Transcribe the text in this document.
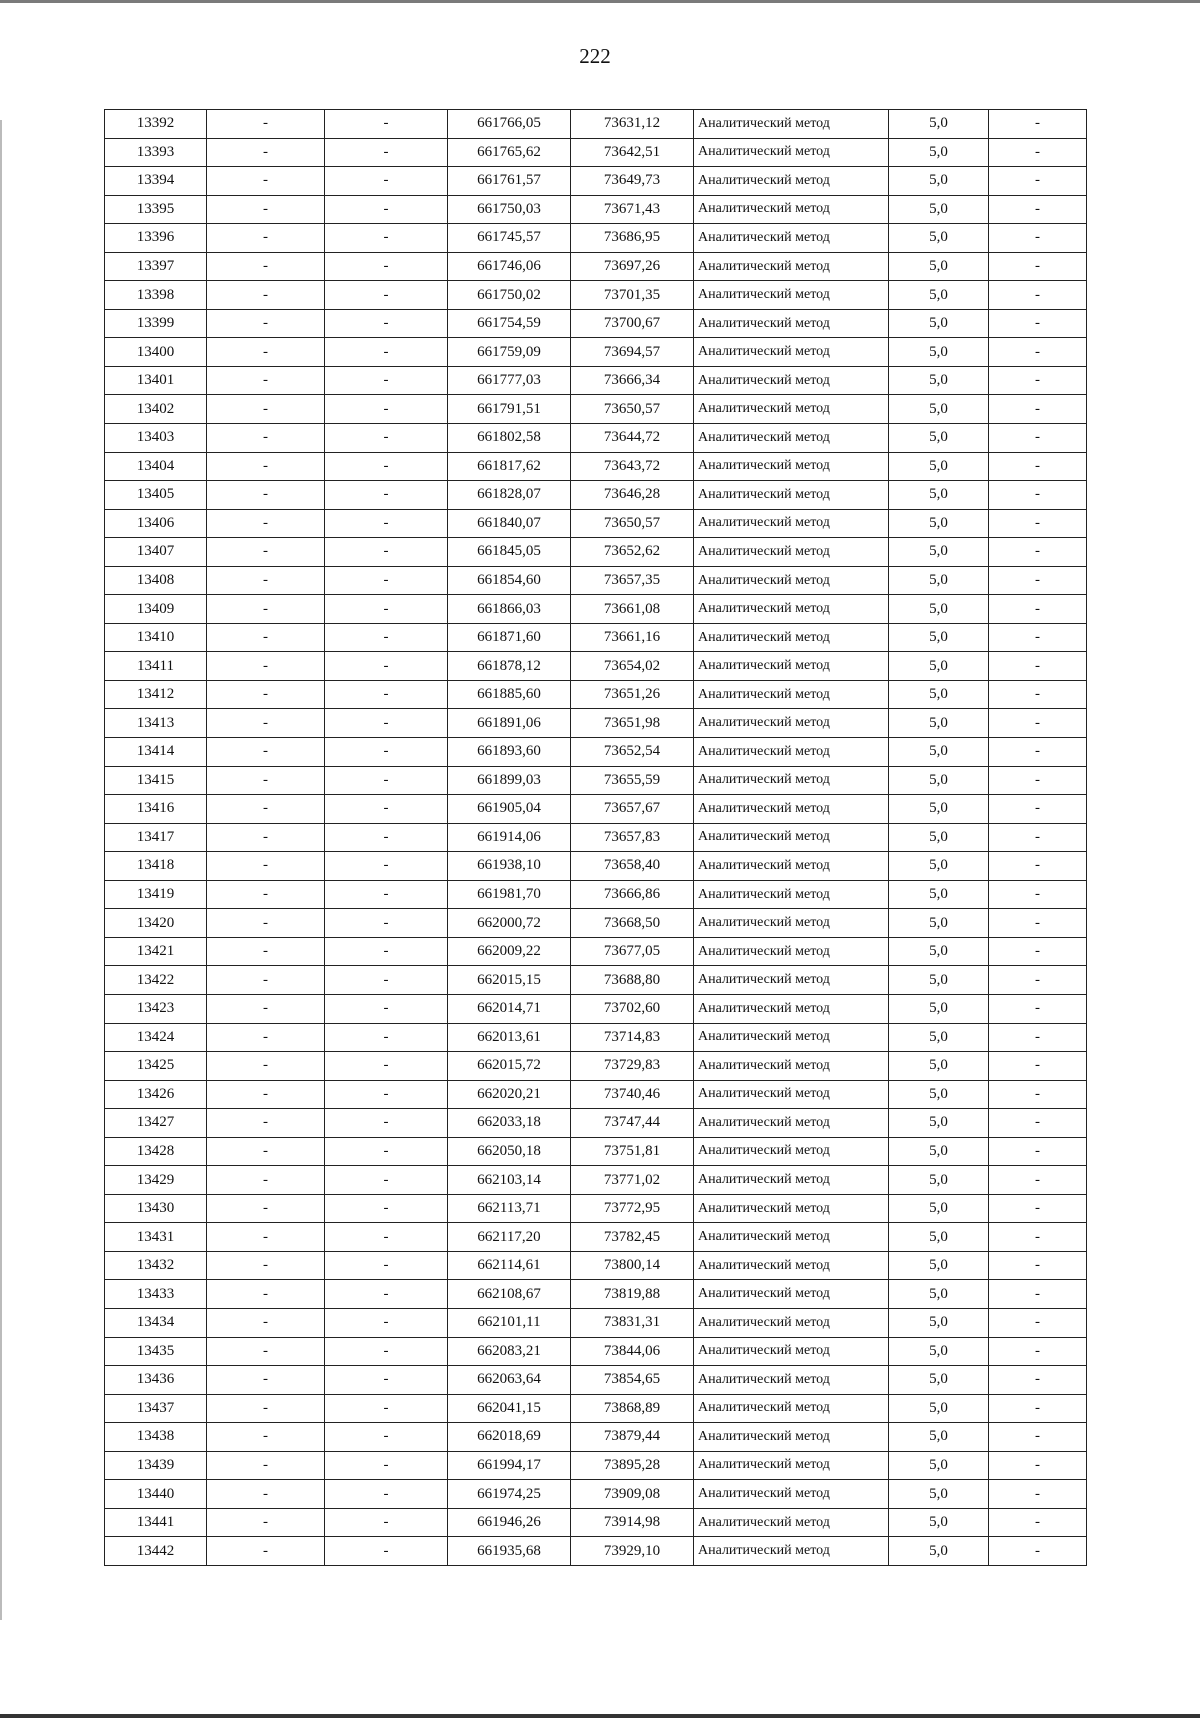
222
13392	-	-	661766,05	73631,12	Аналитический метод	5,0	-
13393	-	-	661765,62	73642,51	Аналитический метод	5,0	-
13394	-	-	661761,57	73649,73	Аналитический метод	5,0	-
13395	-	-	661750,03	73671,43	Аналитический метод	5,0	-
13396	-	-	661745,57	73686,95	Аналитический метод	5,0	-
13397	-	-	661746,06	73697,26	Аналитический метод	5,0	-
13398	-	-	661750,02	73701,35	Аналитический метод	5,0	-
13399	-	-	661754,59	73700,67	Аналитический метод	5,0	-
13400	-	-	661759,09	73694,57	Аналитический метод	5,0	-
13401	-	-	661777,03	73666,34	Аналитический метод	5,0	-
13402	-	-	661791,51	73650,57	Аналитический метод	5,0	-
13403	-	-	661802,58	73644,72	Аналитический метод	5,0	-
13404	-	-	661817,62	73643,72	Аналитический метод	5,0	-
13405	-	-	661828,07	73646,28	Аналитический метод	5,0	-
13406	-	-	661840,07	73650,57	Аналитический метод	5,0	-
13407	-	-	661845,05	73652,62	Аналитический метод	5,0	-
13408	-	-	661854,60	73657,35	Аналитический метод	5,0	-
13409	-	-	661866,03	73661,08	Аналитический метод	5,0	-
13410	-	-	661871,60	73661,16	Аналитический метод	5,0	-
13411	-	-	661878,12	73654,02	Аналитический метод	5,0	-
13412	-	-	661885,60	73651,26	Аналитический метод	5,0	-
13413	-	-	661891,06	73651,98	Аналитический метод	5,0	-
13414	-	-	661893,60	73652,54	Аналитический метод	5,0	-
13415	-	-	661899,03	73655,59	Аналитический метод	5,0	-
13416	-	-	661905,04	73657,67	Аналитический метод	5,0	-
13417	-	-	661914,06	73657,83	Аналитический метод	5,0	-
13418	-	-	661938,10	73658,40	Аналитический метод	5,0	-
13419	-	-	661981,70	73666,86	Аналитический метод	5,0	-
13420	-	-	662000,72	73668,50	Аналитический метод	5,0	-
13421	-	-	662009,22	73677,05	Аналитический метод	5,0	-
13422	-	-	662015,15	73688,80	Аналитический метод	5,0	-
13423	-	-	662014,71	73702,60	Аналитический метод	5,0	-
13424	-	-	662013,61	73714,83	Аналитический метод	5,0	-
13425	-	-	662015,72	73729,83	Аналитический метод	5,0	-
13426	-	-	662020,21	73740,46	Аналитический метод	5,0	-
13427	-	-	662033,18	73747,44	Аналитический метод	5,0	-
13428	-	-	662050,18	73751,81	Аналитический метод	5,0	-
13429	-	-	662103,14	73771,02	Аналитический метод	5,0	-
13430	-	-	662113,71	73772,95	Аналитический метод	5,0	-
13431	-	-	662117,20	73782,45	Аналитический метод	5,0	-
13432	-	-	662114,61	73800,14	Аналитический метод	5,0	-
13433	-	-	662108,67	73819,88	Аналитический метод	5,0	-
13434	-	-	662101,11	73831,31	Аналитический метод	5,0	-
13435	-	-	662083,21	73844,06	Аналитический метод	5,0	-
13436	-	-	662063,64	73854,65	Аналитический метод	5,0	-
13437	-	-	662041,15	73868,89	Аналитический метод	5,0	-
13438	-	-	662018,69	73879,44	Аналитический метод	5,0	-
13439	-	-	661994,17	73895,28	Аналитический метод	5,0	-
13440	-	-	661974,25	73909,08	Аналитический метод	5,0	-
13441	-	-	661946,26	73914,98	Аналитический метод	5,0	-
13442	-	-	661935,68	73929,10	Аналитический метод	5,0	-
